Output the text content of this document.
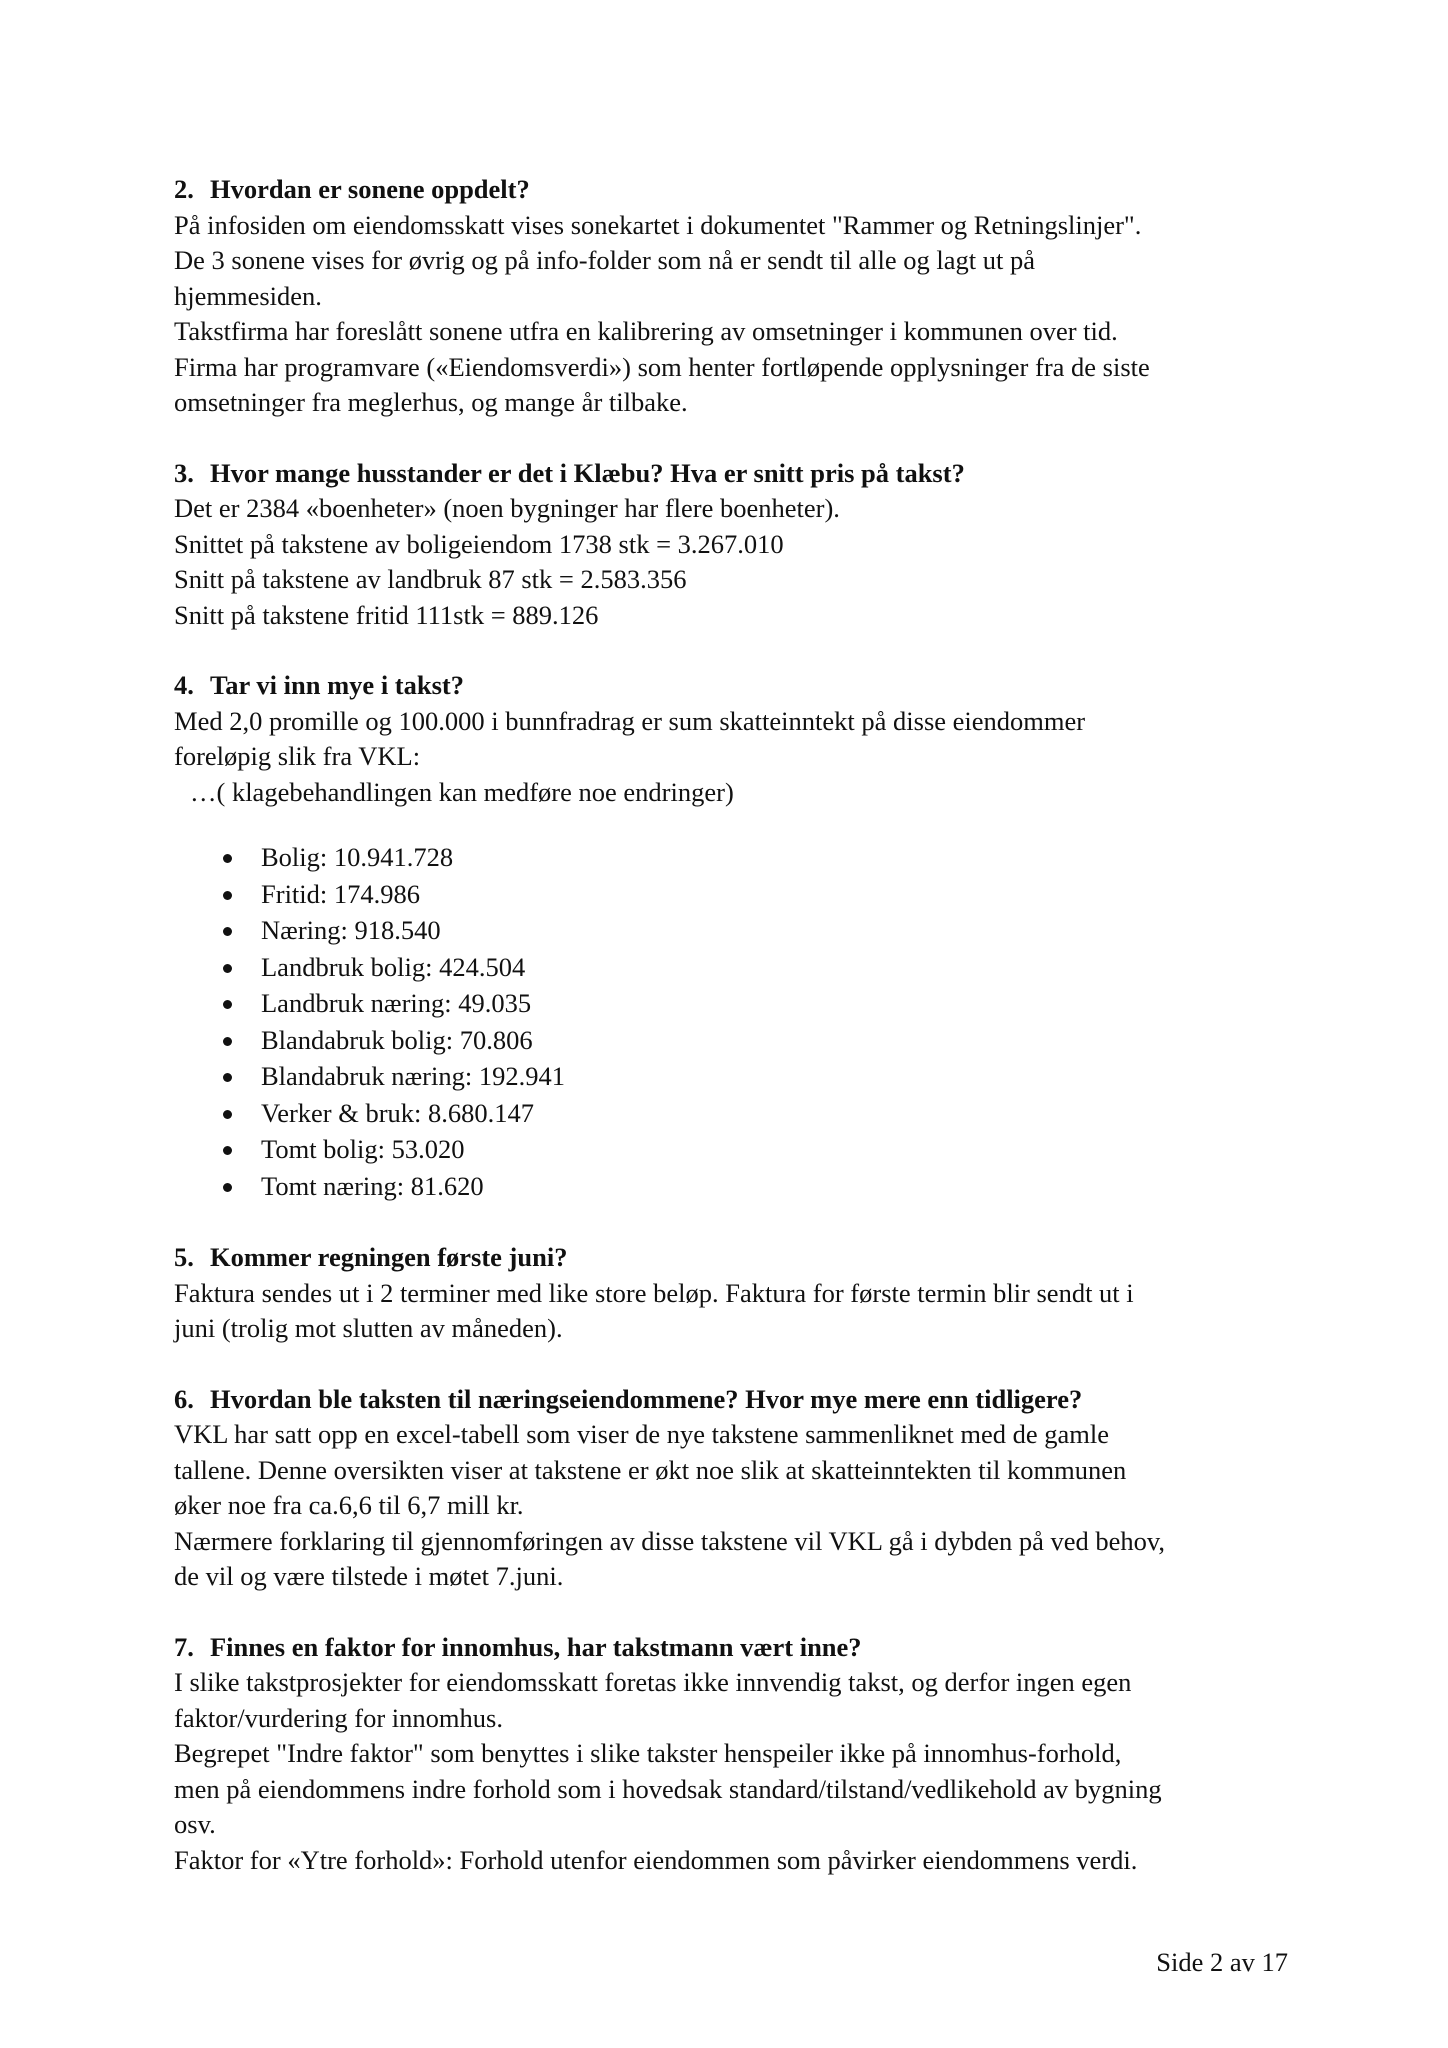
2. Hvordan er sonene oppdelt?

På infosiden om eiendomsskatt vises sonekartet i dokumentet "Rammer og Retningslinjer".

De 3 sonene vises for øvrig og på info-folder som nå er sendt til alle og lagt ut på

hjemmesiden.

Takstfirma har foreslått sonene utfra en kalibrering av omsetninger i kommunen over tid.

Firma har programvare («Eiendomsverdi») som henter fortløpende opplysninger fra de siste

omsetninger fra meglerhus, og mange år tilbake.

3. Hvor mange husstander er det i Klæbu? Hva er snitt pris på takst?

Det er 2384 «boenheter» (noen bygninger har flere boenheter).

Snittet på takstene av boligeiendom 1738 stk = 3.267.010

Snitt på takstene av landbruk 87 stk = 2.583.356

Snitt på takstene fritid 111stk = 889.126

4. Tar vi inn mye i takst?

Med 2,0 promille og 100.000 i bunnfradrag er sum skatteinntekt på disse eiendommer

foreløpig slik fra VKL:

…( klagebehandlingen kan medføre noe endringer)

Bolig: 10.941.728
Fritid: 174.986
Næring: 918.540
Landbruk bolig: 424.504
Landbruk næring: 49.035
Blandabruk bolig: 70.806
Blandabruk næring: 192.941
Verker & bruk: 8.680.147
Tomt bolig: 53.020
Tomt næring: 81.620

5. Kommer regningen første juni?

Faktura sendes ut i 2 terminer med like store beløp. Faktura for første termin blir sendt ut i

juni (trolig mot slutten av måneden).

6. Hvordan ble taksten til næringseiendommene? Hvor mye mere enn tidligere?

VKL har satt opp en excel-tabell som viser de nye takstene sammenliknet med de gamle

tallene. Denne oversikten viser at takstene er økt noe slik at skatteinntekten til kommunen

øker noe fra ca.6,6 til 6,7 mill kr.

Nærmere forklaring til gjennomføringen av disse takstene vil VKL gå i dybden på ved behov,

de vil og være tilstede i møtet 7.juni.

7. Finnes en faktor for innomhus, har takstmann vært inne?

I slike takstprosjekter for eiendomsskatt foretas ikke innvendig takst, og derfor ingen egen

faktor/vurdering for innomhus.

Begrepet "Indre faktor" som benyttes i slike takster henspeiler ikke på innomhus-forhold,

men på eiendommens indre forhold som i hovedsak standard/tilstand/vedlikehold av bygning

osv.

Faktor for «Ytre forhold»: Forhold utenfor eiendommen som påvirker eiendommens verdi.

Side 2 av 17
